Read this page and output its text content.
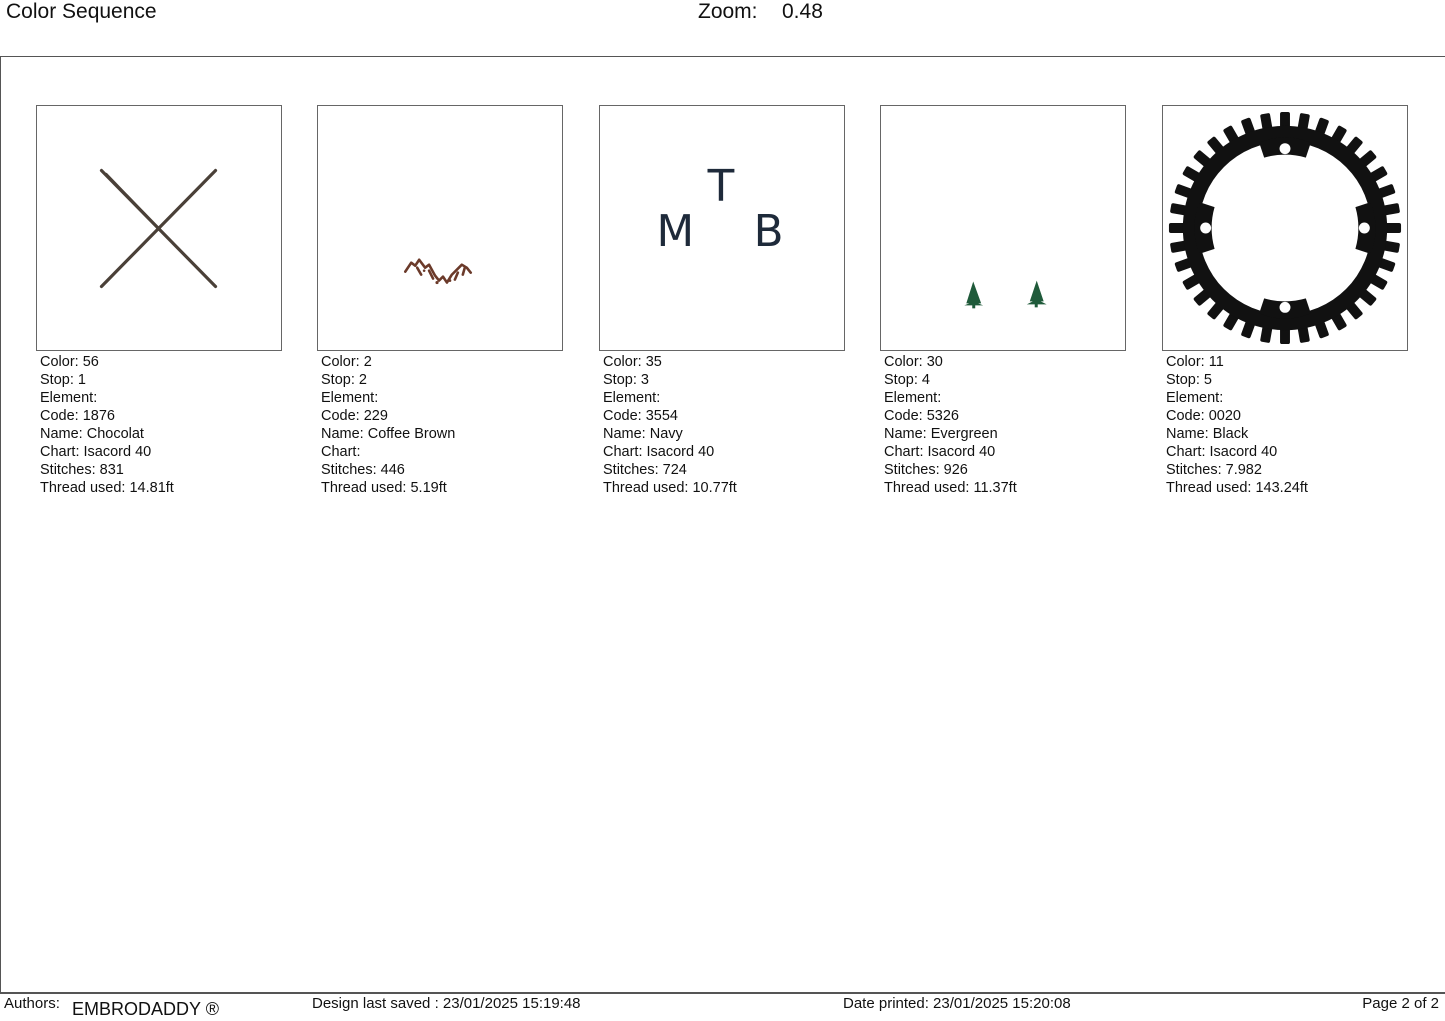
Color Sequence	Zoom: 0.48
Color: 56
Stop: 1
Element:
Code: 1876
Name: Chocolat
Chart: Isacord 40
Stitches: 831
Thread used: 14.81ft
Color: 2
Stop: 2
Element:
Code: 229
Name: Coffee Brown
Chart:
Stitches: 446
Thread used: 5.19ft
M
T
B
Color: 35
Stop: 3
Element:
Code: 3554
Name: Navy
Chart: Isacord 40
Stitches: 724
Thread used: 10.77ft
Color: 30
Stop: 4
Element:
Code: 5326
Name: Evergreen
Chart: Isacord 40
Stitches: 926
Thread used: 11.37ft
Color: 11
Stop: 5
Element:
Code: 0020
Name: Black
Chart: Isacord 40
Stitches: 7.982
Thread used: 143.24ft
Authors: EMBRODADDY ®	Design last saved : 23/01/2025 15:19:48	Date printed: 23/01/2025 15:20:08	Page 2 of 2
